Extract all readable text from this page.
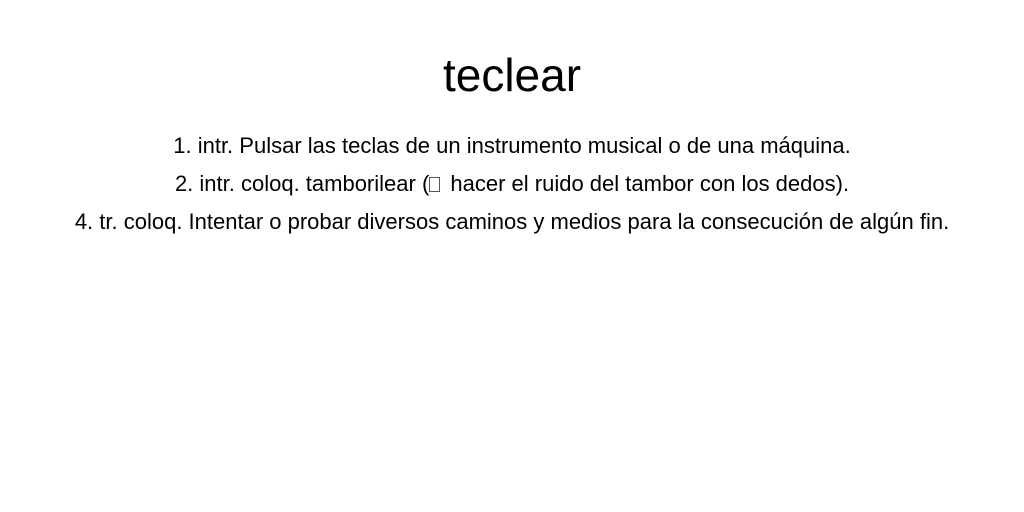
teclear

1. intr. Pulsar las teclas de un instrumento musical o de una máquina.

2. intr. coloq. tamborilear ( hacer el ruido del tambor con los dedos).

4. tr. coloq. Intentar o probar diversos caminos y medios para la consecución de algún fin.
